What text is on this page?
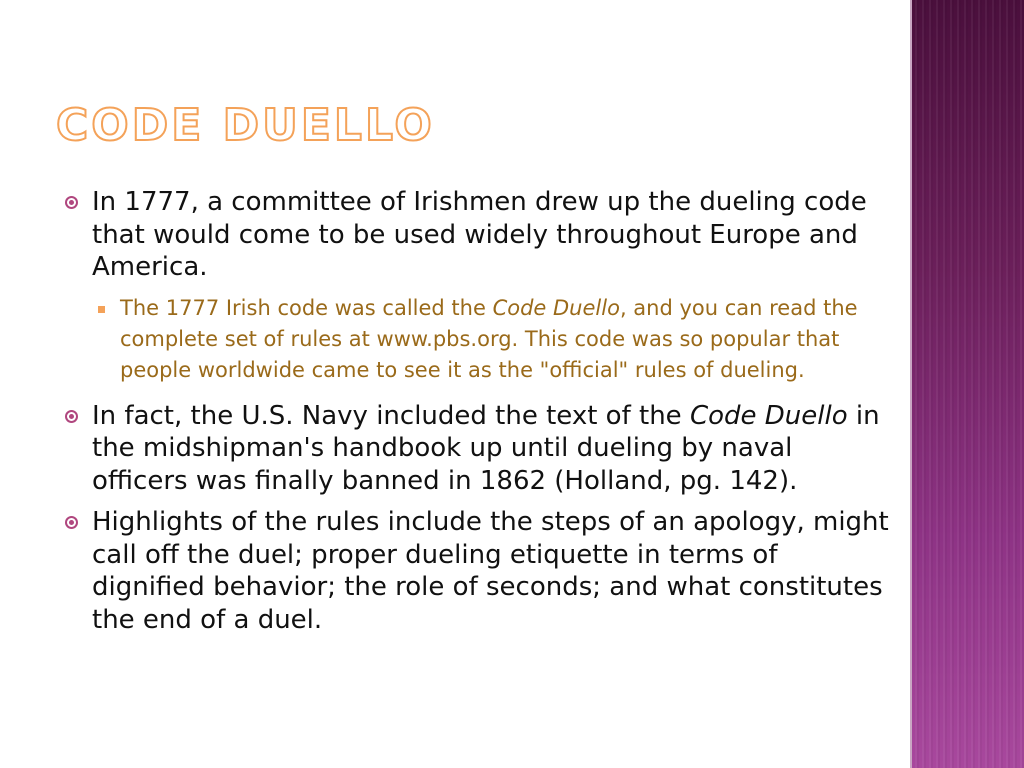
CODE DUELLO
In 1777, a committee of Irishmen drew up the dueling code that would come to be used widely throughout Europe and America.
The 1777 Irish code was called the Code Duello, and you can read the complete set of rules at www.pbs.org. This code was so popular that people worldwide came to see it as the "official" rules of dueling.
In fact, the U.S. Navy included the text of the Code Duello in the midshipman's handbook up until dueling by naval officers was finally banned in 1862 (Holland, pg. 142).
Highlights of the rules include the steps of an apology, might call off the duel; proper dueling etiquette in terms of dignified behavior; the role of seconds; and what constitutes the end of a duel.
